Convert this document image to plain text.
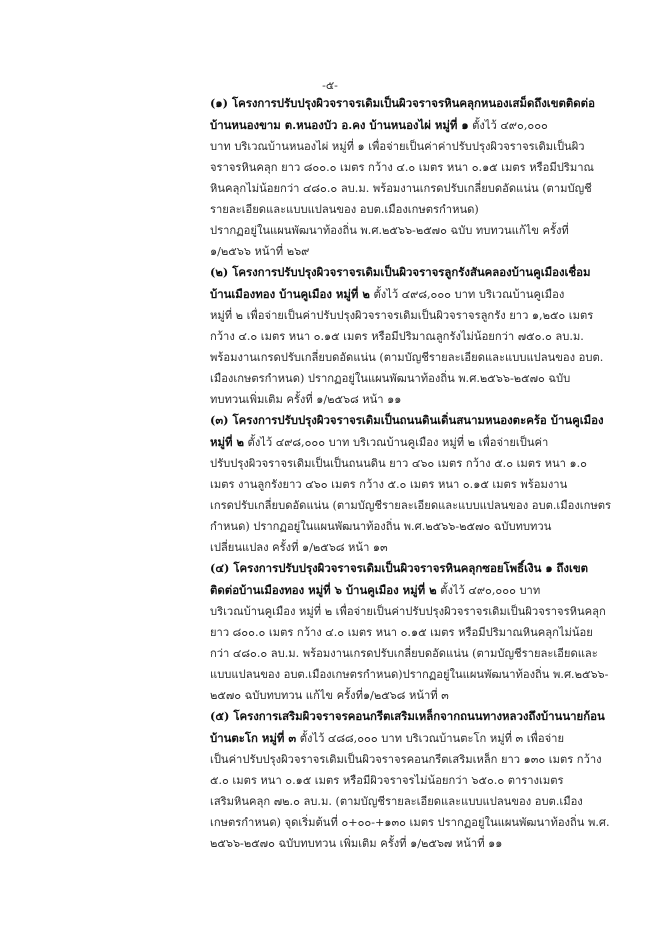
-๕-
(๑) โครงการปรับปรุงผิวจราจรเดิมเป็นผิวจราจรหินคลุกหนองเสม็ดถึงเขตติดต่อ
บ้านหนองขาม ต.หนองบัว อ.คง บ้านหนองไผ่ หมู่ที่ ๑ ตั้งไว้ ๔๙๐,๐๐๐
บาท บริเวณบ้านหนองไผ่ หมู่ที่ ๑ เพื่อจ่ายเป็นค่าค่าปรับปรุงผิวจราจรเดิมเป็นผิว
จราจรหินคลุก ยาว ๘๐๐.๐ เมตร กว้าง ๔.๐ เมตร หนา ๐.๑๕ เมตร หรือมีปริมาณ
หินคลุกไม่น้อยกว่า ๔๘๐.๐ ลบ.ม. พร้อมงานเกรดปรับเกลี่ยบดอัดแน่น (ตามบัญชี
รายละเอียดและแบบแปลนของ อบต.เมืองเกษตรกำหนด)
ปรากฏอยู่ในแผนพัฒนาท้องถิ่น พ.ศ.๒๕๖๖-๒๕๗๐ ฉบับ ทบทวนแก้ไข ครั้งที่
๑/๒๕๖๖ หน้าที่ ๒๖๙
(๒) โครงการปรับปรุงผิวจราจรเดิมเป็นผิวจราจรลูกรังสันคลองบ้านคูเมืองเชื่อม
บ้านเมืองทอง บ้านคูเมือง หมู่ที่ ๒ ตั้งไว้ ๔๙๘,๐๐๐ บาท บริเวณบ้านคูเมือง
หมู่ที่ ๒ เพื่อจ่ายเป็นค่าปรับปรุงผิวจราจรเดิมเป็นผิวจราจรลูกรัง ยาว ๑,๒๕๐ เมตร
กว้าง ๔.๐ เมตร หนา ๐.๑๕ เมตร หรือมีปริมาณลูกรังไม่น้อยกว่า ๗๕๐.๐ ลบ.ม.
พร้อมงานเกรดปรับเกลี่ยบดอัดแน่น (ตามบัญชีรายละเอียดและแบบแปลนของ อบต.
เมืองเกษตรกำหนด) ปรากฏอยู่ในแผนพัฒนาท้องถิ่น พ.ศ.๒๕๖๖-๒๕๗๐ ฉบับ
ทบทวนเพิ่มเติม ครั้งที่ ๑/๒๕๖๘ หน้า ๑๑
(๓) โครงการปรับปรุงผิวจราจรเดิมเป็นถนนดินเดิ่นสนามหนองตะคร้อ บ้านคูเมือง
หมู่ที่ ๒ ตั้งไว้ ๔๙๘,๐๐๐ บาท บริเวณบ้านคูเมือง หมู่ที่ ๒ เพื่อจ่ายเป็นค่า
ปรับปรุงผิวจราจรเดิมเป็นเป็นถนนดิน ยาว ๔๖๐ เมตร กว้าง ๕.๐ เมตร หนา ๑.๐
เมตร งานลูกรังยาว ๔๖๐ เมตร กว้าง ๕.๐ เมตร หนา ๐.๑๕ เมตร พร้อมงาน
เกรดปรับเกลี่ยบดอัดแน่น (ตามบัญชีรายละเอียดและแบบแปลนของ อบต.เมืองเกษตร
กำหนด) ปรากฏอยู่ในแผนพัฒนาท้องถิ่น พ.ศ.๒๕๖๖-๒๕๗๐ ฉบับทบทวน
เปลี่ยนแปลง ครั้งที่ ๑/๒๕๖๘ หน้า ๑๓
(๔) โครงการปรับปรุงผิวจราจรเดิมเป็นผิวจราจรหินคลุกซอยโพธิ์เงิน ๑ ถึงเขต
ติดต่อบ้านเมืองทอง หมู่ที่ ๖ บ้านคูเมือง หมู่ที่ ๒ ตั้งไว้ ๔๙๐,๐๐๐ บาท
บริเวณบ้านคูเมือง หมู่ที่ ๒ เพื่อจ่ายเป็นค่าปรับปรุงผิวจราจรเดิมเป็นผิวจราจรหินคลุก
ยาว ๘๐๐.๐ เมตร กว้าง ๔.๐ เมตร หนา ๐.๑๕ เมตร หรือมีปริมาณหินคลุกไม่น้อย
กว่า ๔๘๐.๐ ลบ.ม. พร้อมงานเกรดปรับเกลี่ยบดอัดแน่น (ตามบัญชีรายละเอียดและ
แบบแปลนของ อบต.เมืองเกษตรกำหนด)ปรากฏอยู่ในแผนพัฒนาท้องถิ่น พ.ศ.๒๕๖๖-
๒๕๗๐ ฉบับทบทวน แก้ไข ครั้งที่๑/๒๕๖๘ หน้าที่ ๓
(๕) โครงการเสริมผิวจราจรคอนกรีตเสริมเหล็กจากถนนทางหลวงถึงบ้านนายก้อน
บ้านตะโก หมู่ที่ ๓ ตั้งไว้ ๔๘๘,๐๐๐ บาท บริเวณบ้านตะโก หมู่ที่ ๓ เพื่อจ่าย
เป็นค่าปรับปรุงผิวจราจรเดิมเป็นผิวจราจรคอนกรีตเสริมเหล็ก ยาว ๑๓๐ เมตร กว้าง
๕.๐ เมตร หนา ๐.๑๕ เมตร หรือมีผิวจราจรไม่น้อยกว่า ๖๕๐.๐ ตารางเมตร
เสริมหินคลุก ๗๒.๐ ลบ.ม. (ตามบัญชีรายละเอียดและแบบแปลนของ อบต.เมือง
เกษตรกำหนด) จุดเริ่มต้นที่ ๐+๐๐-+๑๓๐ เมตร ปรากฏอยู่ในแผนพัฒนาท้องถิ่น พ.ศ.
๒๕๖๖-๒๕๗๐ ฉบับทบทวน เพิ่มเติม ครั้งที่ ๑/๒๕๖๗ หน้าที่ ๑๑
